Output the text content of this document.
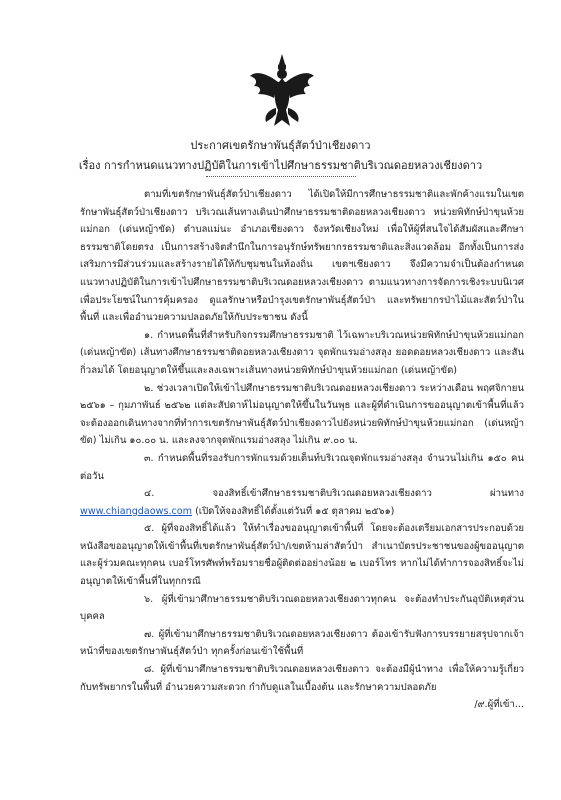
ประกาศเขตรักษาพันธุ์สัตว์ป่าเชียงดาว
เรื่อง การกำหนดแนวทางปฏิบัติในการเข้าไปศึกษาธรรมชาติบริเวณดอยหลวงเชียงดาว

ตามที่เขตรักษาพันธุ์สัตว์ป่าเชียงดาว ได้เปิดให้มีการศึกษาธรรมชาติและพักค้างแรมในเขตรักษาพันธุ์สัตว์ป่าเชียงดาว บริเวณเส้นทางเดินป่าศึกษาธรรมชาติดอยหลวงเชียงดาว หน่วยพิทักษ์ป่าขุนห้วยแม่กอก (เด่นหญ้าขัด) ตำบลแม่นะ อำเภอเชียงดาว จังหวัดเชียงใหม่ เพื่อให้ผู้ที่สนใจได้สัมผัสและศึกษาธรรมชาติโดยตรง เป็นการสร้างจิตสำนึกในการอนุรักษ์ทรัพยากรธรรมชาติและสิ่งแวดล้อม อีกทั้งเป็นการส่งเสริมการมีส่วนร่วมและสร้างรายได้ให้กับชุมชนในท้องถิ่น เขตฯเชียงดาว จึงมีความจำเป็นต้องกำหนดแนวทางปฏิบัติในการเข้าไปศึกษาธรรมชาติบริเวณดอยหลวงเชียงดาว ตามแนวทางการจัดการเชิงระบบนิเวศ เพื่อประโยชน์ในการคุ้มครอง ดูแลรักษาหรือบำรุงเขตรักษาพันธุ์สัตว์ป่า และทรัพยากรป่าไม้และสัตว์ป่าในพื้นที่ และเพื่ออำนวยความปลอดภัยให้กับประชาชน ดังนี้

๑. กำหนดพื้นที่สำหรับกิจกรรมศึกษาธรรมชาติ ไว้เฉพาะบริเวณหน่วยพิทักษ์ป่าขุนห้วยแม่กอก (เด่นหญ้าขัด) เส้นทางศึกษาธรรมชาติดอยหลวงเชียงดาว จุดพักแรมอ่างสลุง ยอดดอยหลวงเชียงดาว และสันกิ่วลมได้ โดยอนุญาตให้ขึ้นและลงเฉพาะเส้นทางหน่วยพิทักษ์ป่าขุนห้วยแม่กอก (เด่นหญ้าขัด)

๒. ช่วงเวลาเปิดให้เข้าไปศึกษาธรรมชาติบริเวณดอยหลวงเชียงดาว ระหว่างเดือน พฤศจิกายน ๒๕๖๑ – กุมภาพันธ์ ๒๕๖๒ แต่ละสัปดาห์ไม่อนุญาตให้ขึ้นในวันพุธ และผู้ที่ดำเนินการขออนุญาตเข้าพื้นที่แล้วจะต้องออกเดินทางจากที่ทำการเขตรักษาพันธุ์สัตว์ป่าเชียงดาวไปยังหน่วยพิทักษ์ป่าขุนห้วยแม่กอก (เด่นหญ้าขัด) ไม่เกิน ๑๐.๐๐ น. และลงจากจุดพักแรมอ่างสลุง ไม่เกิน ๙.๐๐ น.

๓. กำหนดพื้นที่รองรับการพักแรมด้วยเต็นท์บริเวณจุดพักแรมอ่างสลุง จำนวนไม่เกิน ๑๕๐ คน ต่อวัน

๔. จองสิทธิ์เข้าศึกษาธรรมชาติบริเวณดอยหลวงเชียงดาว ผ่านทาง www.chiangdaows.com (เปิดให้จองสิทธิ์ได้ตั้งแต่วันที่ ๑๕ ตุลาคม ๒๕๖๑)

๕. ผู้ที่จองสิทธิ์ได้แล้ว ให้ทำเรื่องขออนุญาตเข้าพื้นที่ โดยจะต้องเตรียมเอกสารประกอบด้วย หนังสือขออนุญาตให้เข้าพื้นที่เขตรักษาพันธุ์สัตว์ป่า/เขตห้ามล่าสัตว์ป่า สำเนาบัตรประชาชนของผู้ขออนุญาต และผู้ร่วมคณะทุกคน เบอร์โทรศัพท์พร้อมรายชื่อผู้ติดต่ออย่างน้อย ๒ เบอร์โทร หากไม่ได้ทำการจองสิทธิ์จะไม่อนุญาตให้เข้าพื้นที่ในทุกกรณี

๖. ผู้ที่เข้ามาศึกษาธรรมชาติบริเวณดอยหลวงเชียงดาวทุกคน จะต้องทำประกันอุบัติเหตุส่วนบุคคล

๗. ผู้ที่เข้ามาศึกษาธรรมชาติบริเวณดอยหลวงเชียงดาว ต้องเข้ารับฟังการบรรยายสรุปจากเจ้าหน้าที่ของเขตรักษาพันธุ์สัตว์ป่า ทุกครั้งก่อนเข้าใช้พื้นที่

๘. ผู้ที่เข้ามาศึกษาธรรมชาติบริเวณดอยหลวงเชียงดาว จะต้องมีผู้นำทาง เพื่อให้ความรู้เกี่ยวกับทรัพยากรในพื้นที่ อำนวยความสะดวก กำกับดูแลในเบื้องต้น และรักษาความปลอดภัย

/๙.ผู้ที่เข้า...
